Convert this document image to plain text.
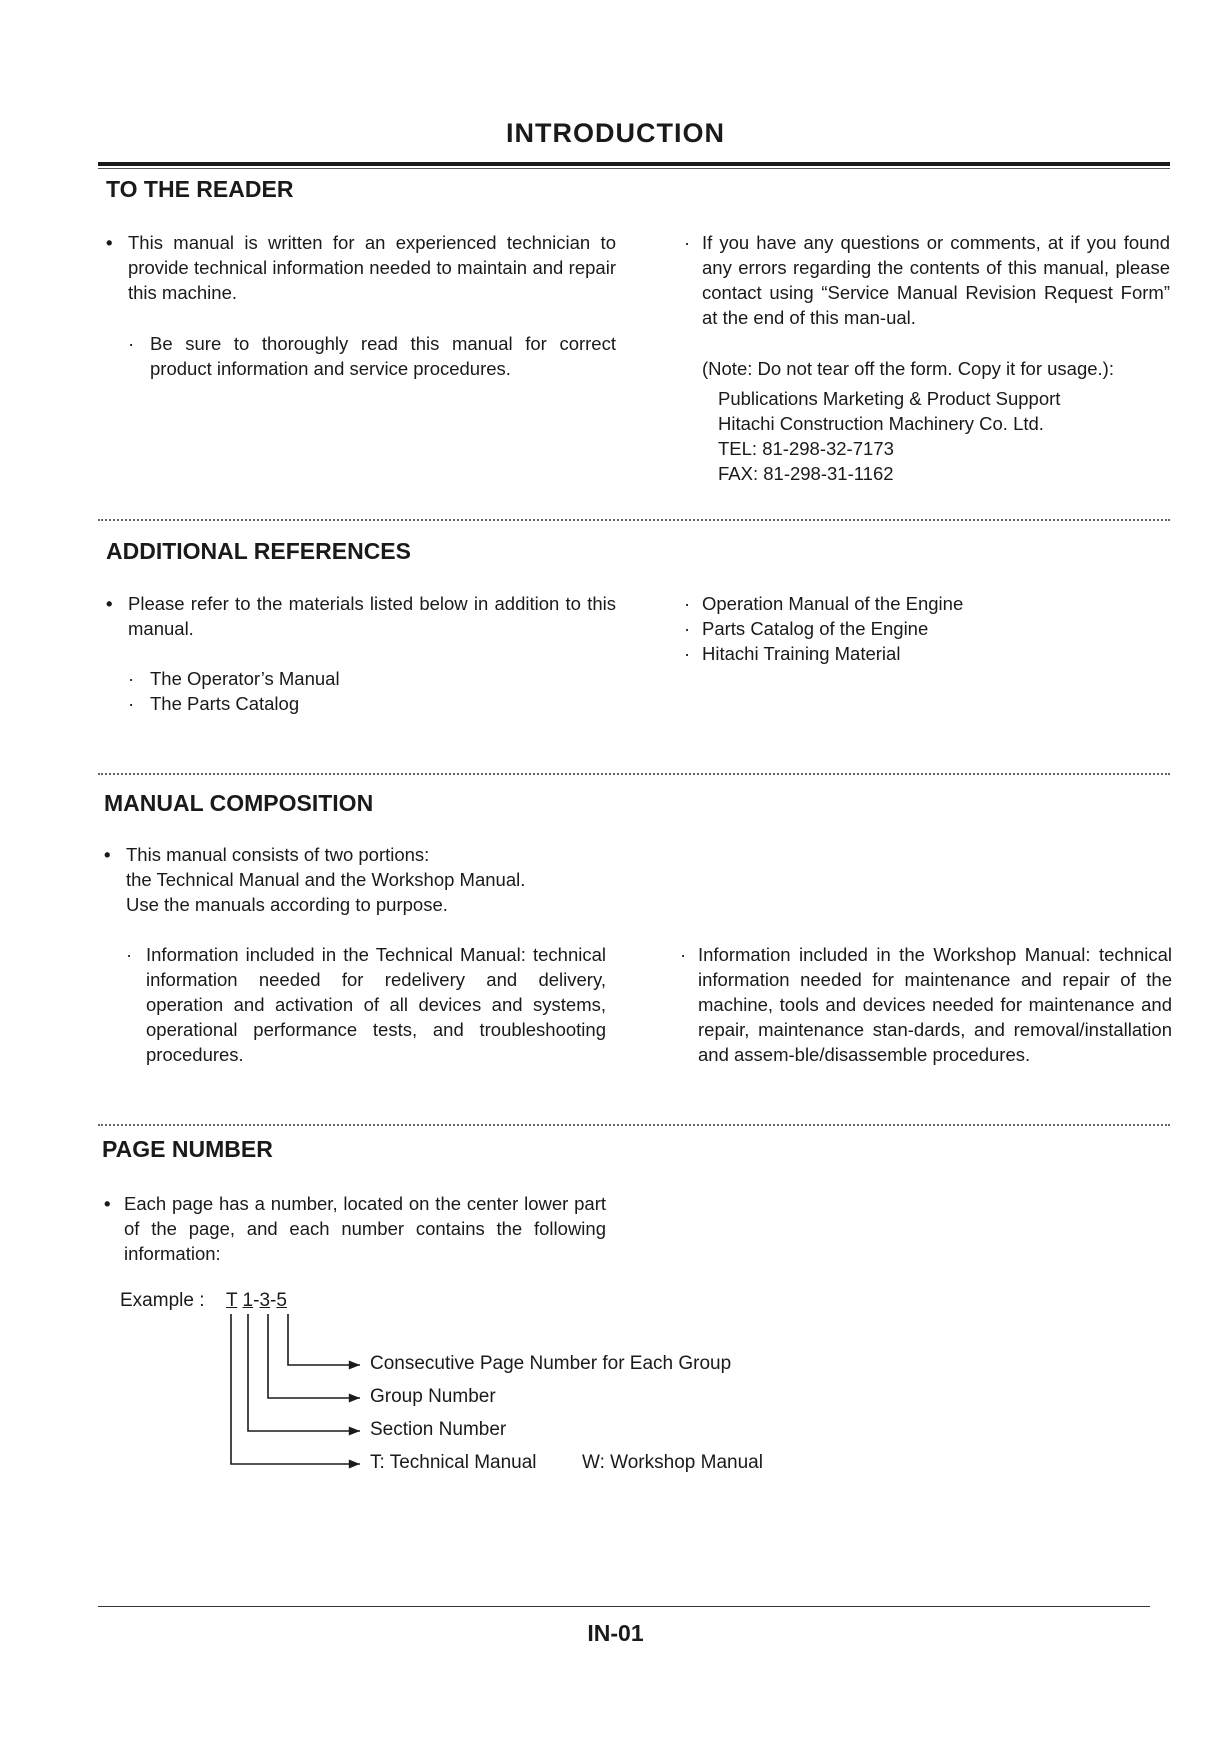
INTRODUCTION
TO THE READER
• This manual is written for an experienced technician to provide technical information needed to maintain and repair this machine.
· Be sure to thoroughly read this manual for correct product information and service procedures.
· If you have any questions or comments, at if you found any errors regarding the contents of this manual, please contact using “Service Manual Revision Request Form” at the end of this man-ual.
(Note: Do not tear off the form. Copy it for usage.):
Publications Marketing & Product Support
Hitachi Construction Machinery Co. Ltd.
TEL: 81-298-32-7173
FAX: 81-298-31-1162
ADDITIONAL REFERENCES
• Please refer to the materials listed below in addition to this manual.
· The Operator’s Manual
· The Parts Catalog
· Operation Manual of the Engine
· Parts Catalog of the Engine
· Hitachi Training Material
MANUAL COMPOSITION
• This manual consists of two portions:
the Technical Manual and the Workshop Manual.
Use the manuals according to purpose.
· Information included in the Technical Manual: technical information needed for redelivery and delivery, operation and activation of all devices and systems, operational performance tests, and troubleshooting procedures.
· Information included in the Workshop Manual: technical information needed for maintenance and repair of the machine, tools and devices needed for maintenance and repair, maintenance stan-dards, and removal/installation and assem-ble/disassemble procedures.
PAGE NUMBER
• Each page has a number, located on the center lower part of the page, and each number contains the following information:
Example : T 1-3-5
Consecutive Page Number for Each Group
Group Number
Section Number
T: Technical Manual W: Workshop Manual
IN-01
